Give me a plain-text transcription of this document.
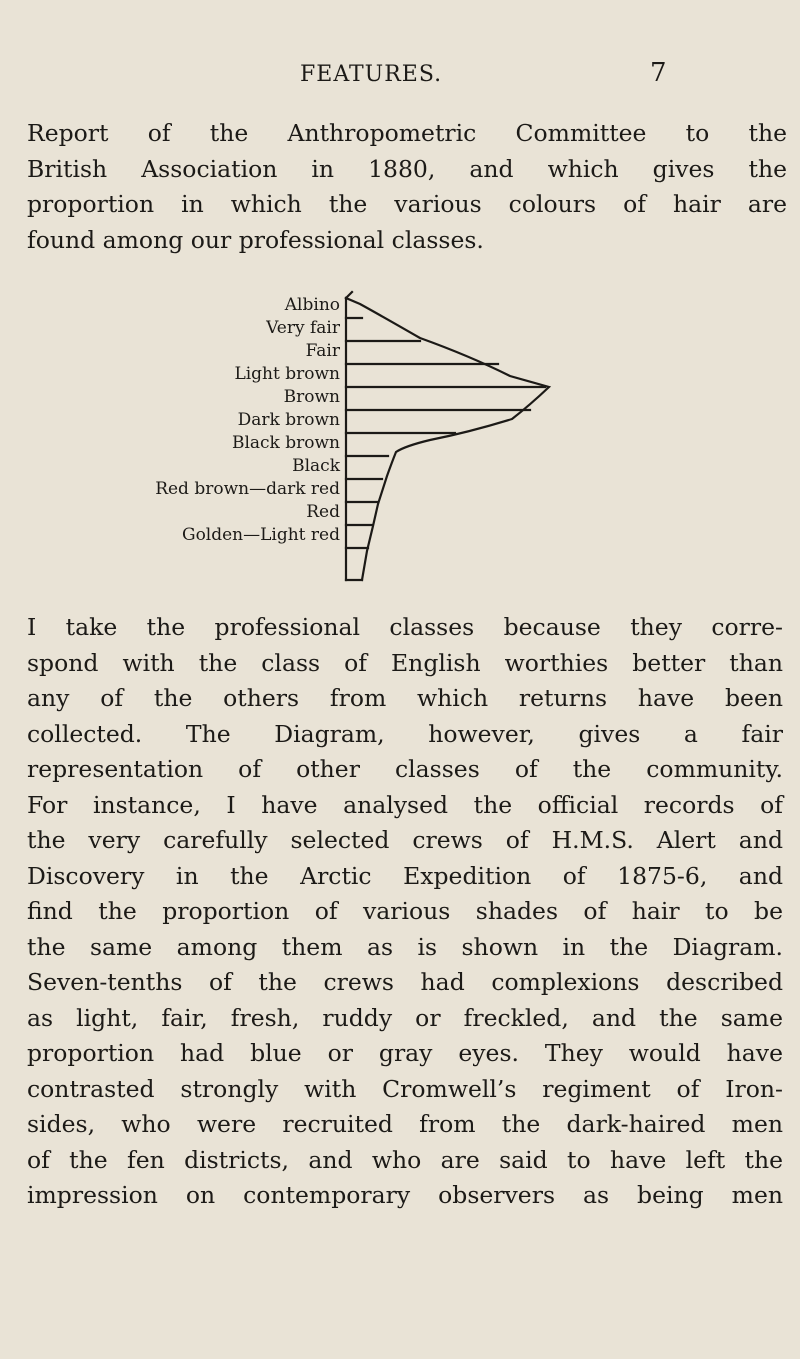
FEATURES.	7
Report of the Anthropometric Committee to the
British Association in 1880, and which gives the
proportion in which the various colours of hair are
found among our professional classes.
Albino
Very fair
Fair
Light brown
Brown
Dark brown
Black brown
Black
Red brown—dark red
Red
Golden—Light red
I take the professional classes because they corre-
spond with the class of English worthies better than
any of the others from which returns have been
collected. The Diagram, however, gives a fair
representation of other classes of the community.
For instance, I have analysed the official records of
the very carefully selected crews of H.M.S. Alert and
Discovery in the Arctic Expedition of 1875-6, and
find the proportion of various shades of hair to be
the same among them as is shown in the Diagram.
Seven-tenths of the crews had complexions described
as light, fair, fresh, ruddy or freckled, and the same
proportion had blue or gray eyes. They would have
contrasted strongly with Cromwell’s regiment of Iron-
sides, who were recruited from the dark-haired men
of the fen districts, and who are said to have left the
impression on contemporary observers as being men
